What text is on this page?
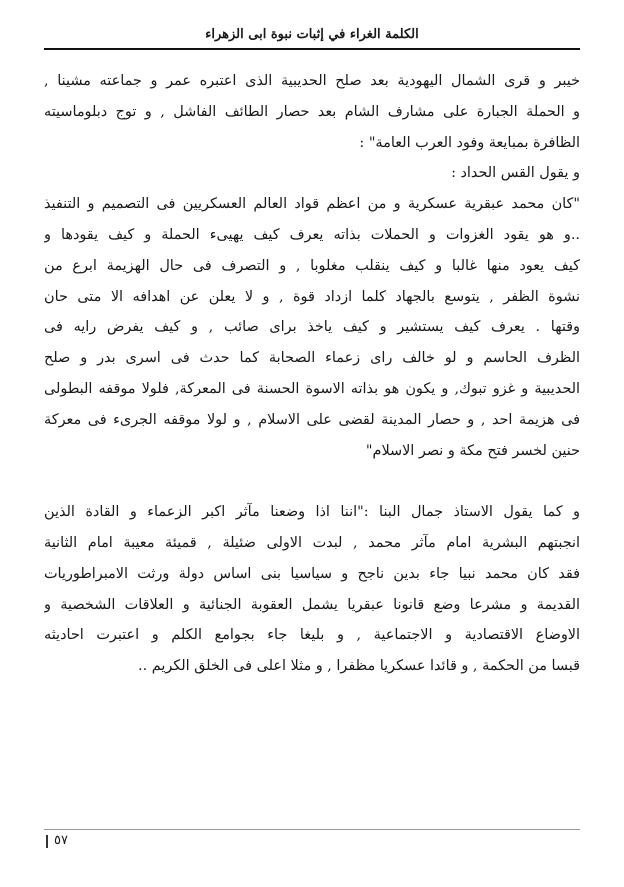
الكلمة الغراء في إثبات نبوة ابى الزهراء
خيبر و قرى الشمال اليهودية بعد صلح الحديبية الذى اعتبره عمر و جماعته مشينا ,
و الحملة الجبارة على مشارف الشام بعد حصار الطائف الفاشل , و توج دبلوماسيته
الظافرة بمبايعة وفود العرب العامة" :
و يقول القس الحداد :
"كان محمد عبقرية عسكرية و من اعظم قواد العالم العسكريين فى التصميم و التنفيذ
..و هو يقود الغزوات و الحملات بذاته يعرف كيف يهيىء الحملة و كيف يقودها و
كيف يعود منها غالبا و كيف ينقلب مغلوبا , و التصرف فى حال الهزيمة ابرع من
نشوة الظفر , يتوسع بالجهاد كلما ازداد قوة , و لا يعلن عن اهدافه الا متى حان
وقتها . يعرف كيف يستشير و كيف ياخذ براى صائب , و كيف يفرض رايه فى
الظرف الحاسم و لو خالف راى زعماء الصحابة كما حدث فى اسرى بدر و صلح
الحديبية و غزو تبوك, و يكون هو بذاته الاسوة الحسنة فى المعركة, فلولا موقفه البطولى
فى هزيمة احد , و حصار المدينة لقضى على الاسلام , و لولا موقفه الجرىء فى معركة
حنين لخسر فتح مكة و نصر الاسلام"
و كما يقول الاستاذ جمال البنا :"اننا اذا وضعنا مآثر اكبر الزعماء و القادة الذين
انجبتهم البشرية امام مآثر محمد , لبدت الاولى ضئيلة , قميئة معيبة امام الثانية
فقد كان محمد نبيا جاء بدين ناجح و سياسيا بنى اساس دولة ورثت الامبراطوريات
القديمة و مشرعا وضع قانونا عبقريا يشمل العقوبة الجنائية و العلاقات الشخصية و
الاوضاع الاقتصادية و الاجتماعية , و بليغا جاء بجوامع الكلم و اعتبرت احاديثه
قبسا من الحكمة , و قائدا عسكريا مظفرا , و مثلا اعلى فى الخلق الكريم ..
٥٧
